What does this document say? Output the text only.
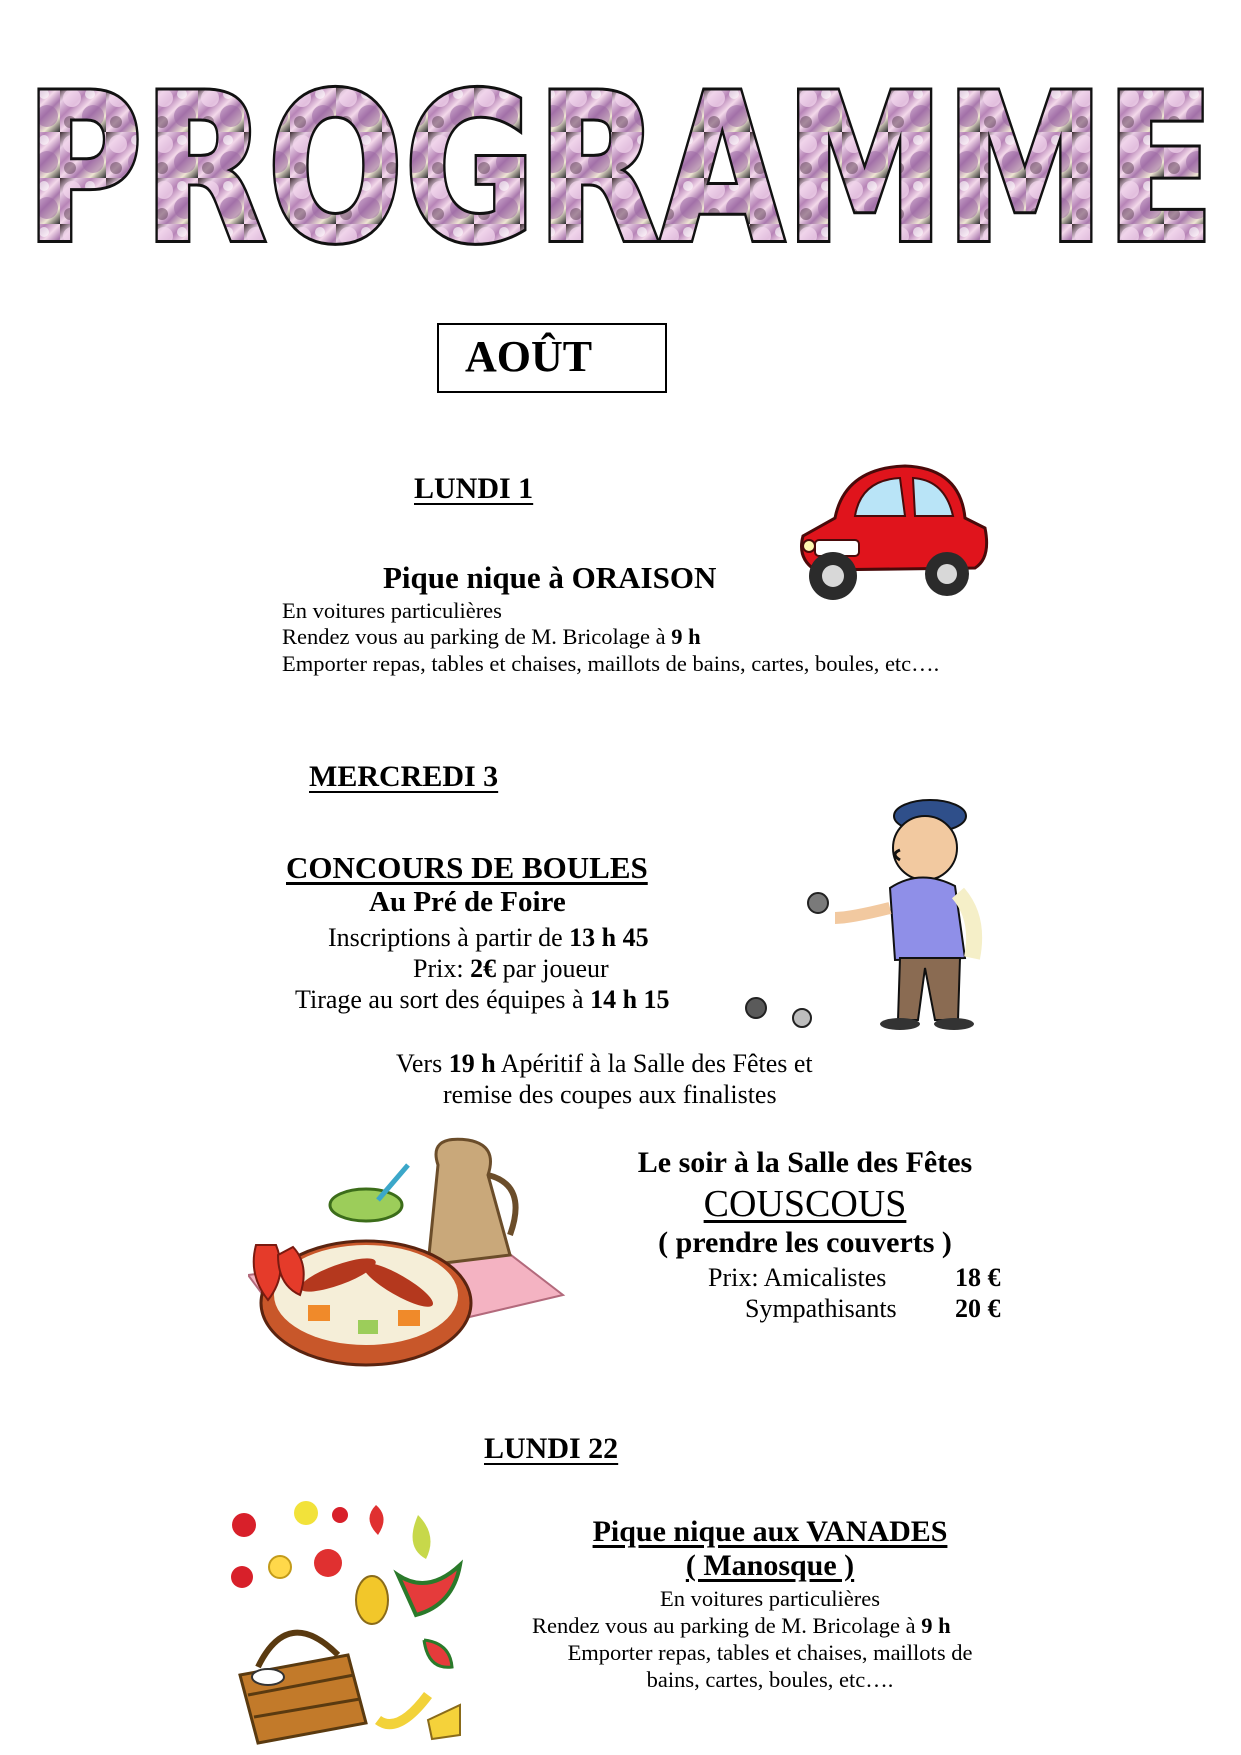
PROGRAMME
AOÛT
LUNDI 1
Pique nique à ORAISON
En voitures particulières
Rendez vous au parking de M. Bricolage à 9 h
Emporter repas, tables et chaises, maillots de bains, cartes, boules, etc….
MERCREDI 3
CONCOURS DE BOULES
Au Pré de Foire
Inscriptions à partir de 13 h 45
Prix: 2€ par joueur
Tirage au sort des équipes à 14 h 15
Vers 19 h Apéritif à la Salle des Fêtes et
remise des coupes aux finalistes
Le soir à la Salle des Fêtes
COUSCOUS
( prendre les couverts )
Prix: Amicalistes	18 €
Sympathisants 20 €
LUNDI 22
Pique nique aux VANADES
( Manosque )
En voitures particulières
Rendez vous au parking de M. Bricolage à 9 h
Emporter repas, tables et chaises, maillots de
bains, cartes, boules, etc….
